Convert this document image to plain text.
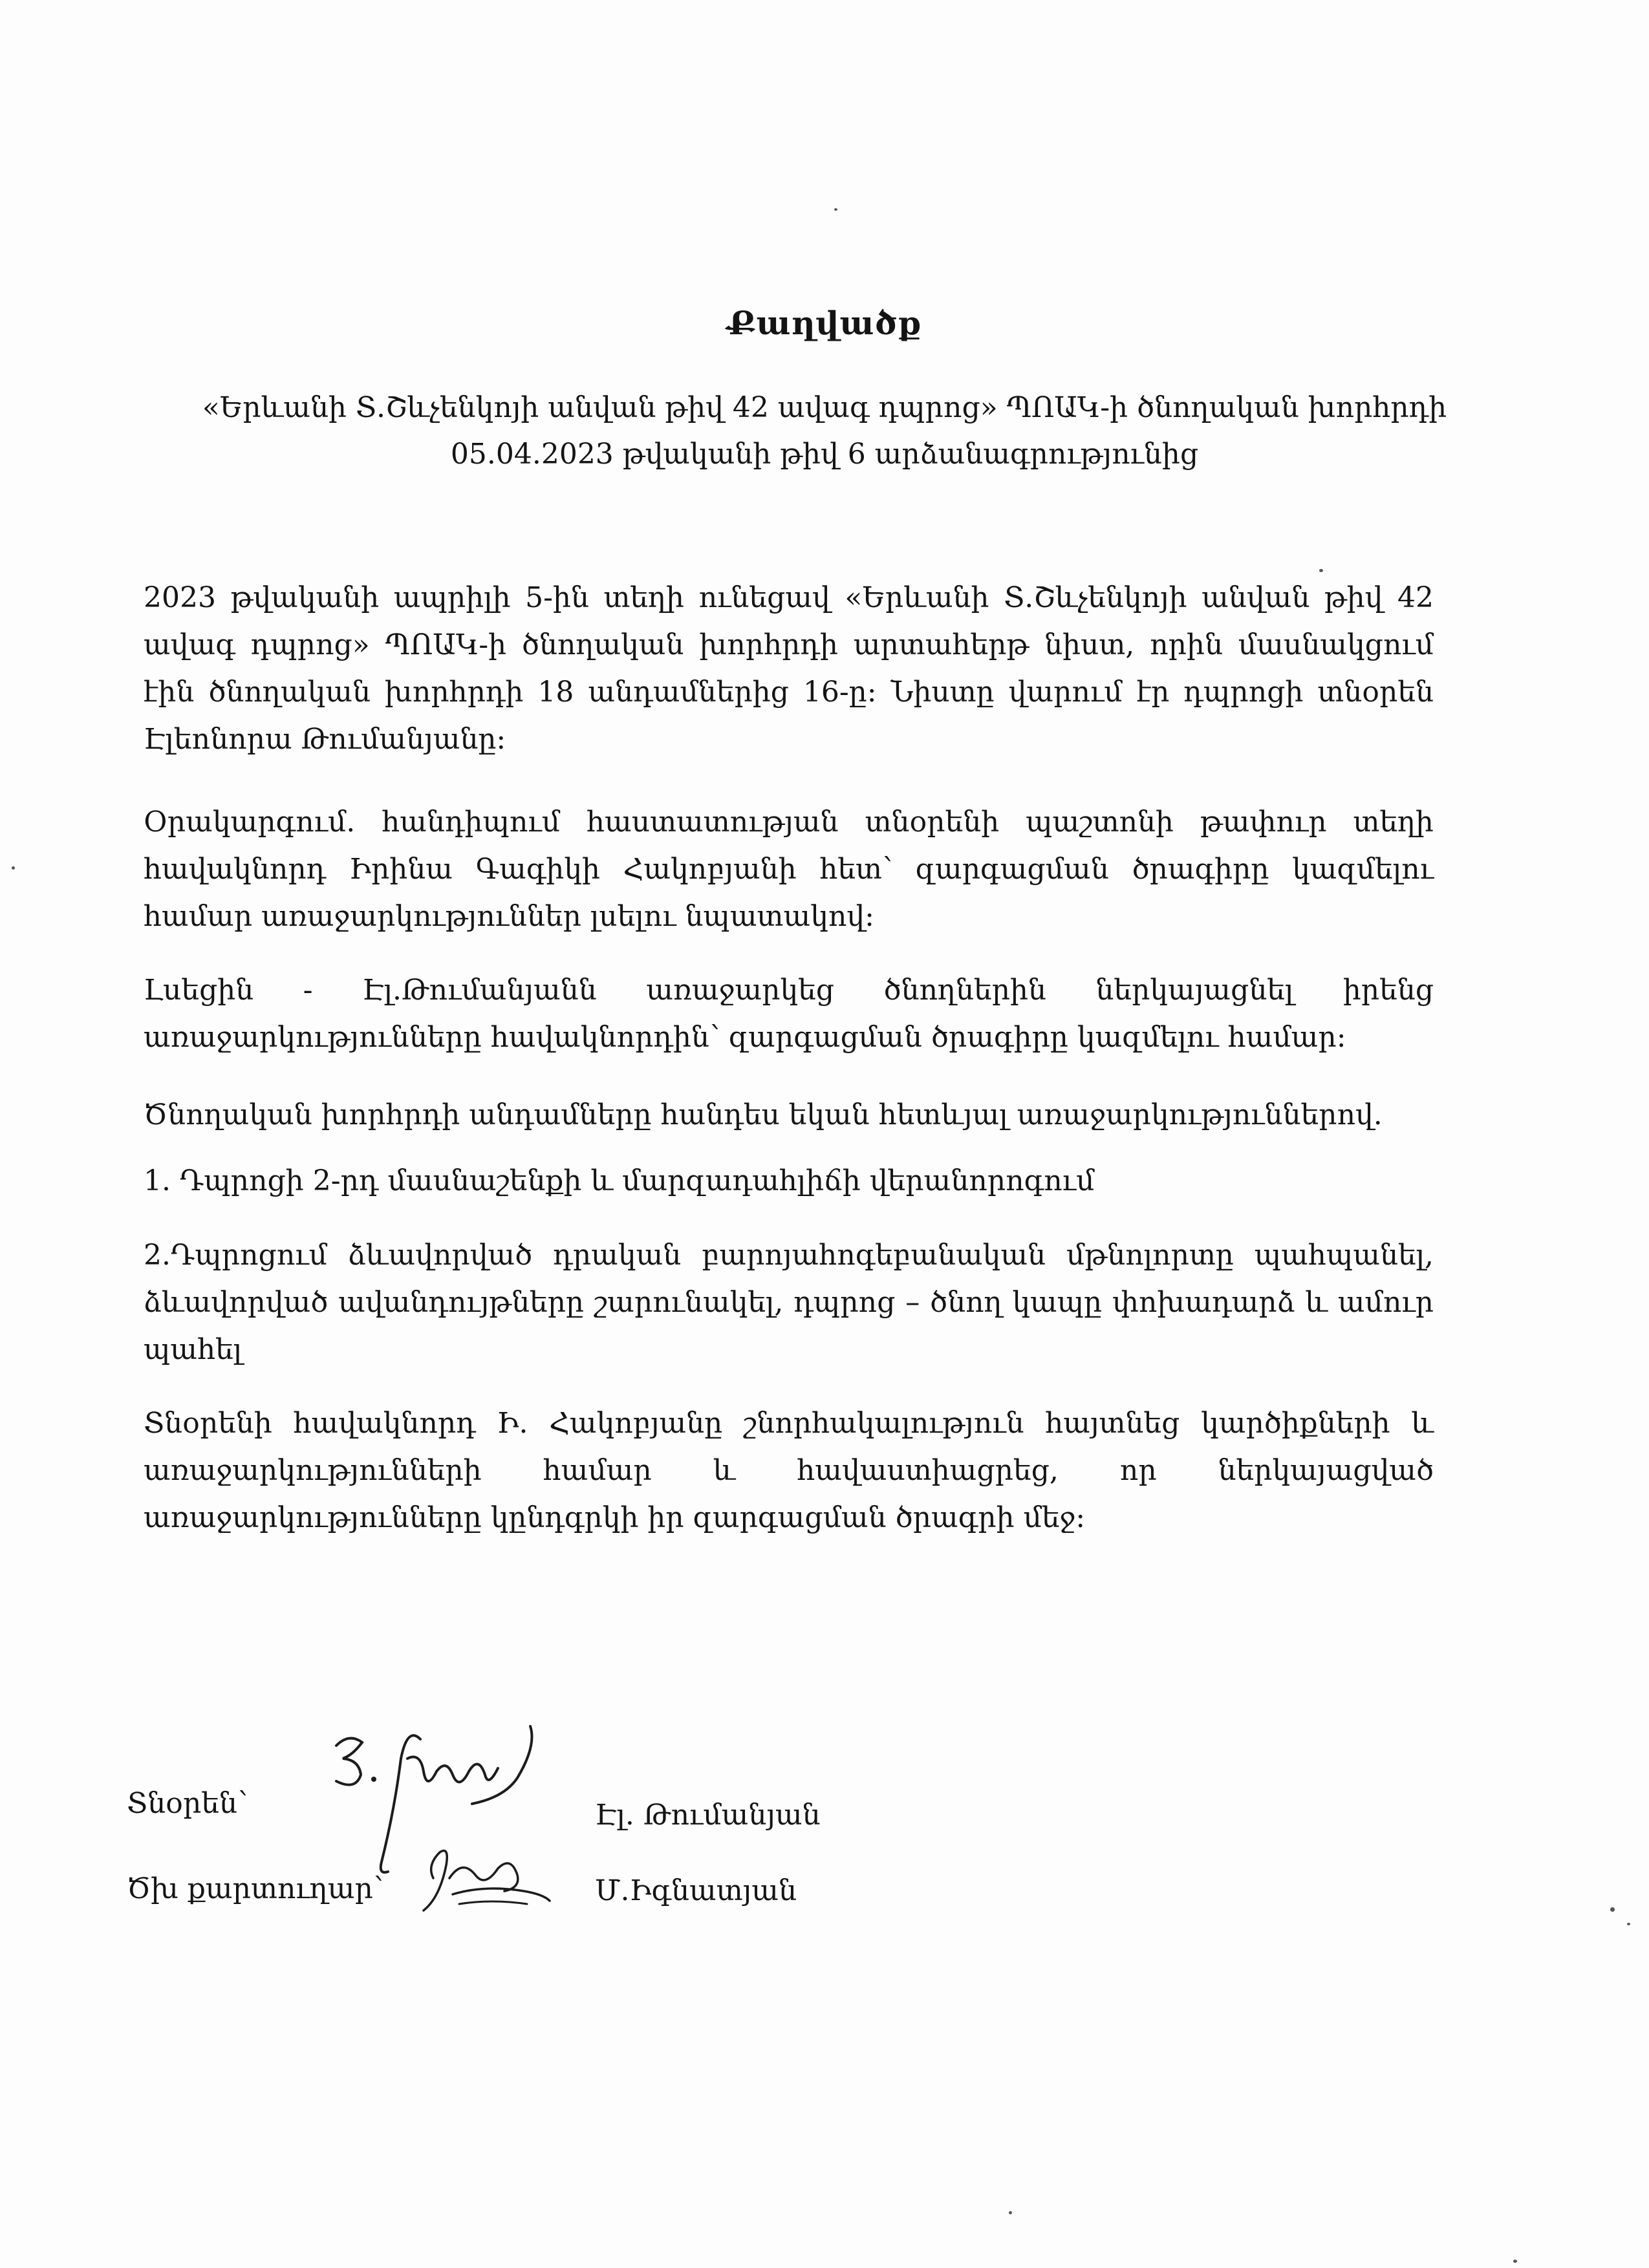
Քաղվածք
«Երևանի Տ.Շևչենկոյի անվան թիվ 42 ավագ դպրոց» ՊՈԱԿ-ի ծնողական խորհրդի
05.04.2023 թվականի թիվ 6 արձանագրությունից
2023 թվականի ապրիլի 5-ին տեղի ունեցավ «Երևանի Տ.Շևչենկոյի անվան թիվ 42 ավագ դպրոց» ՊՈԱԿ-ի ծնողական խորհրդի արտահերթ նիստ, որին մասնակցում էին ծնողական խորհրդի 18 անդամներից 16-ը: Նիստը վարում էր դպրոցի տնօրեն Էլեոնորա Թումանյանը:
Օրակարգում. հանդիպում հաստատության տնօրենի պաշտոնի թափուր տեղի հավակնորդ Իրինա Գագիկի Հակոբյանի հետ՝ զարգացման ծրագիրը կազմելու համար առաջարկություններ լսելու նպատակով:
Լսեցին - Էլ.Թումանյանն առաջարկեց ծնողներին ներկայացնել իրենց առաջարկությունները հավակնորդին՝ զարգացման ծրագիրը կազմելու համար:
Ծնողական խորհրդի անդամները հանդես եկան հետևյալ առաջարկություններով.
1. Դպրոցի 2-րդ մասնաշենքի և մարզադահլիճի վերանորոգում
2.Դպրոցում ձևավորված դրական բարոյահոգեբանական մթնոլորտը պահպանել, ձևավորված ավանդույթները շարունակել, դպրոց – ծնող կապը փոխադարձ և ամուր պահել
Տնօրենի հավակնորդ Ի. Հակոբյանը շնորհակալություն հայտնեց կարծիքների և առաջարկությունների համար և հավաստիացրեց, որ ներկայացված առաջարկությունները կընդգրկի իր զարգացման ծրագրի մեջ:
Տնօրեն՝	Էլ. Թումանյան
Ծխ քարտուղար՝	Մ.Իգնատյան
